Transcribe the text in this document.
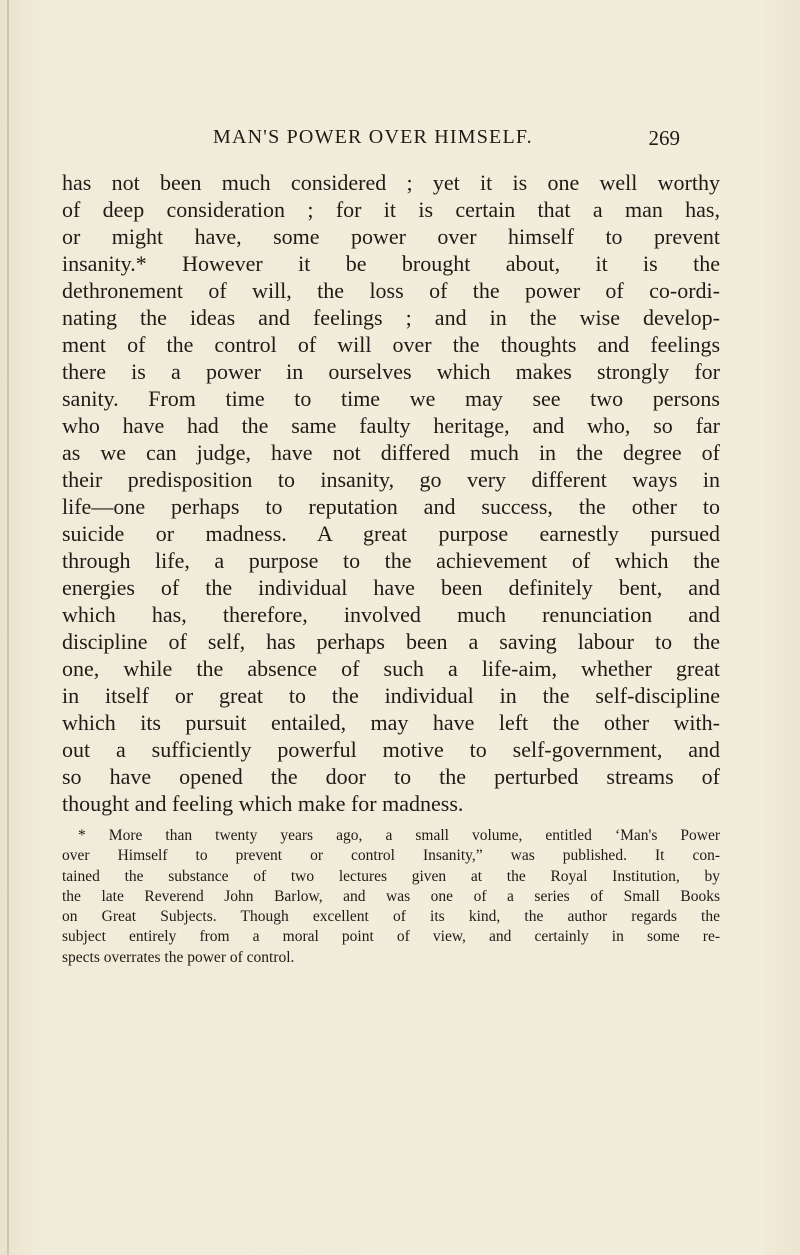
MAN'S POWER OVER HIMSELF.	269
has not been much considered ; yet it is one well worthy
of deep consideration ; for it is certain that a man has,
or might have, some power over himself to prevent
insanity.* However it be brought about, it is the
dethronement of will, the loss of the power of co-ordi-
nating the ideas and feelings ; and in the wise develop-
ment of the control of will over the thoughts and feelings
there is a power in ourselves which makes strongly for
sanity. From time to time we may see two persons
who have had the same faulty heritage, and who, so far
as we can judge, have not differed much in the degree of
their predisposition to insanity, go very different ways in
life—one perhaps to reputation and success, the other to
suicide or madness. A great purpose earnestly pursued
through life, a purpose to the achievement of which the
energies of the individual have been definitely bent, and
which has, therefore, involved much renunciation and
discipline of self, has perhaps been a saving labour to the
one, while the absence of such a life-aim, whether great
in itself or great to the individual in the self-discipline
which its pursuit entailed, may have left the other with-
out a sufficiently powerful motive to self-government, and
so have opened the door to the perturbed streams of
thought and feeling which make for madness.
* More than twenty years ago, a small volume, entitled ‘Man's Power
over Himself to prevent or control Insanity,” was published. It con-
tained the substance of two lectures given at the Royal Institution, by
the late Reverend John Barlow, and was one of a series of Small Books
on Great Subjects. Though excellent of its kind, the author regards the
subject entirely from a moral point of view, and certainly in some re-
spects overrates the power of control.
